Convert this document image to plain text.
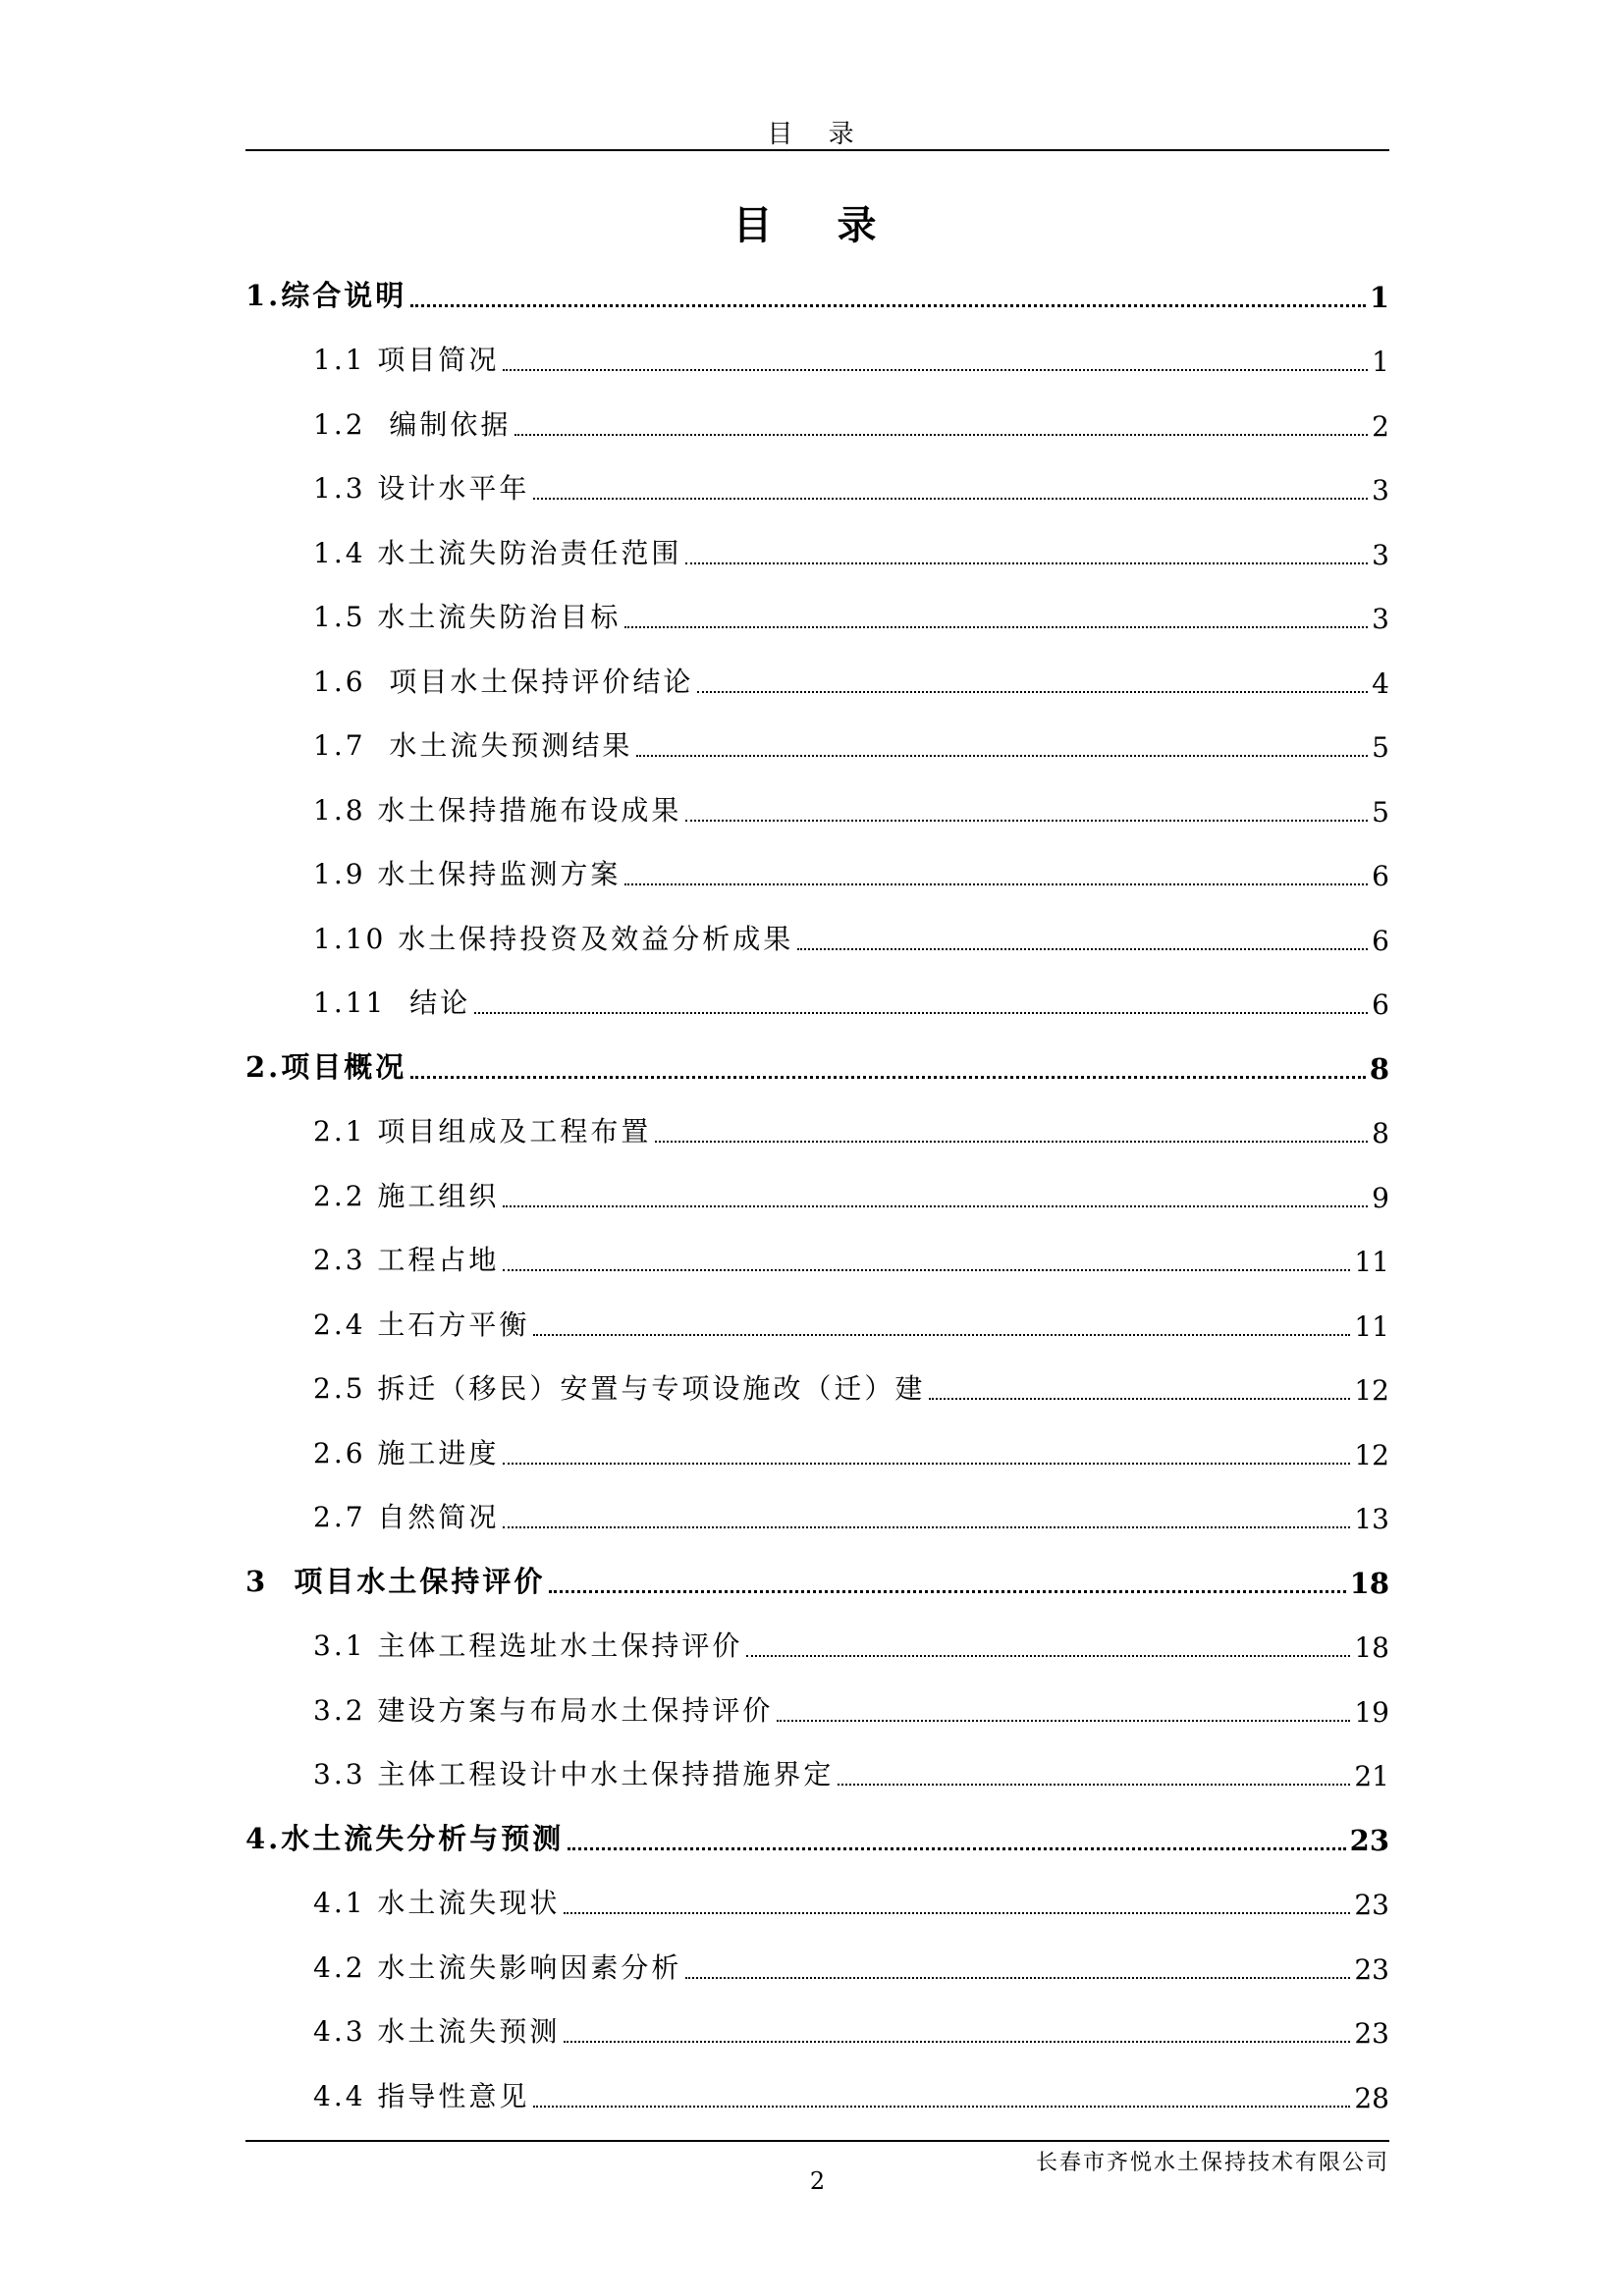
目 录
目 录
1.综合说明	1
1.1 项目简况	1
1.2  编制依据	2
1.3 设计水平年	3
1.4 水土流失防治责任范围	3
1.5 水土流失防治目标	3
1.6  项目水土保持评价结论	4
1.7  水土流失预测结果	5
1.8 水土保持措施布设成果	5
1.9 水土保持监测方案	6
1.10 水土保持投资及效益分析成果	6
1.11  结论	6
2.项目概况	8
2.1 项目组成及工程布置	8
2.2 施工组织	9
2.3 工程占地	11
2.4 土石方平衡	11
2.5 拆迁（移民）安置与专项设施改（迁）建	12
2.6 施工进度	12
2.7 自然简况	13
3  项目水土保持评价	18
3.1 主体工程选址水土保持评价	18
3.2 建设方案与布局水土保持评价	19
3.3 主体工程设计中水土保持措施界定	21
4.水土流失分析与预测	23
4.1 水土流失现状	23
4.2 水土流失影响因素分析	23
4.3 水土流失预测	23
4.4 指导性意见	28
长春市齐悦水土保持技术有限公司
2
